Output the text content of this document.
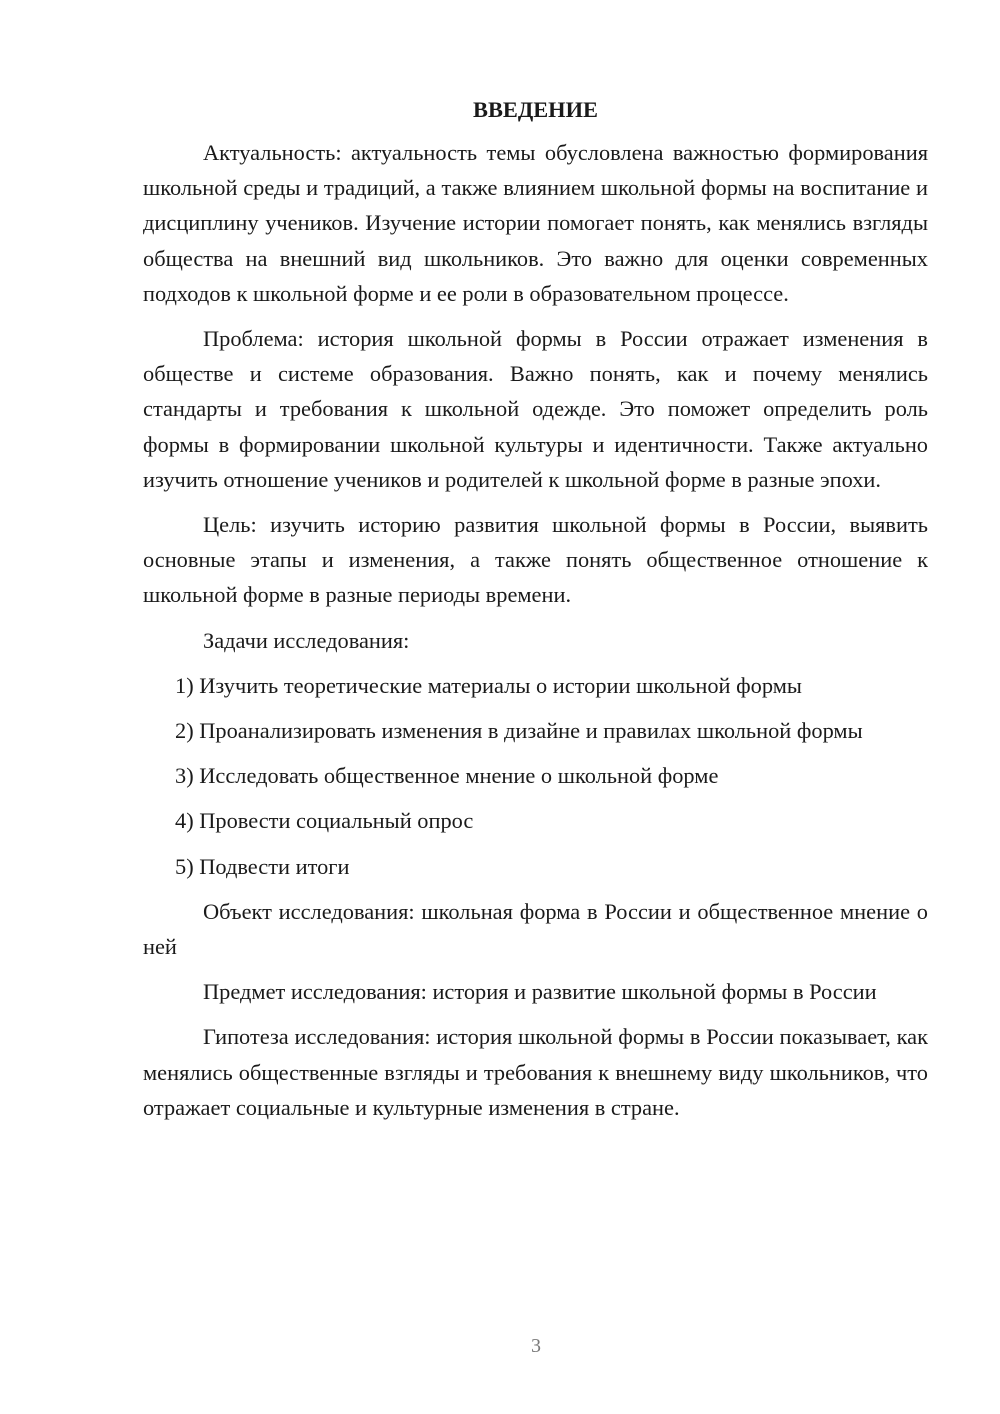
ВВЕДЕНИЕ

Актуальность: актуальность темы обусловлена важностью формирования школьной среды и традиций, а также влиянием школьной формы на воспитание и дисциплину учеников. Изучение истории помогает понять, как менялись взгляды общества на внешний вид школьников. Это важно для оценки современных подходов к школьной форме и ее роли в образовательном процессе.

Проблема: история школьной формы в России отражает изменения в обществе и системе образования. Важно понять, как и почему менялись стандарты и требования к школьной одежде. Это поможет определить роль формы в формировании школьной культуры и идентичности. Также актуально изучить отношение учеников и родителей к школьной форме в разные эпохи.

Цель: изучить историю развития школьной формы в России, выявить основные этапы и изменения, а также понять общественное отношение к школьной форме в разные периоды времени.

Задачи исследования:

1) Изучить теоретические материалы о истории школьной формы

2) Проанализировать изменения в дизайне и правилах школьной формы

3) Исследовать общественное мнение о школьной форме

4) Провести социальный опрос

5) Подвести итоги

Объект исследования: школьная форма в России и общественное мнение о ней

Предмет исследования: история и развитие школьной формы в России

Гипотеза исследования: история школьной формы в России показывает, как менялись общественные взгляды и требования к внешнему виду школьников, что отражает социальные и культурные изменения в стране.

3
